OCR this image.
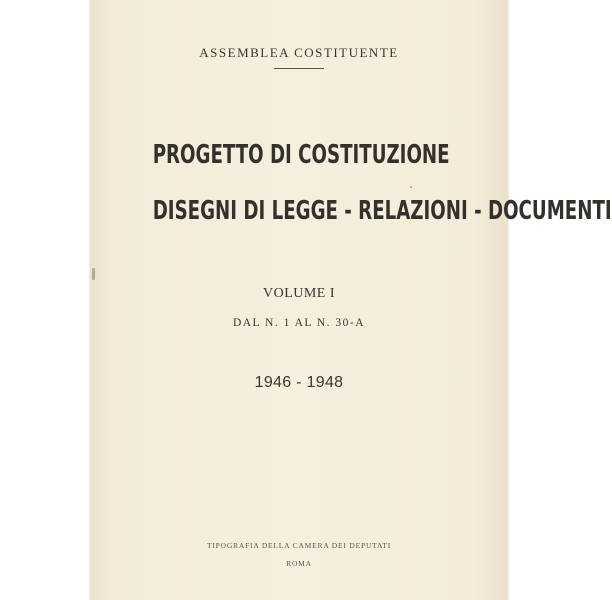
ASSEMBLEA COSTITUENTE
PROGETTO DI COSTITUZIONE
DISEGNI DI LEGGE - RELAZIONI - DOCUMENTI
VOLUME I
DAL N. 1 AL N. 30-A
1946 - 1948
TIPOGRAFIA DELLA CAMERA DEI DEPUTATI
ROMA
